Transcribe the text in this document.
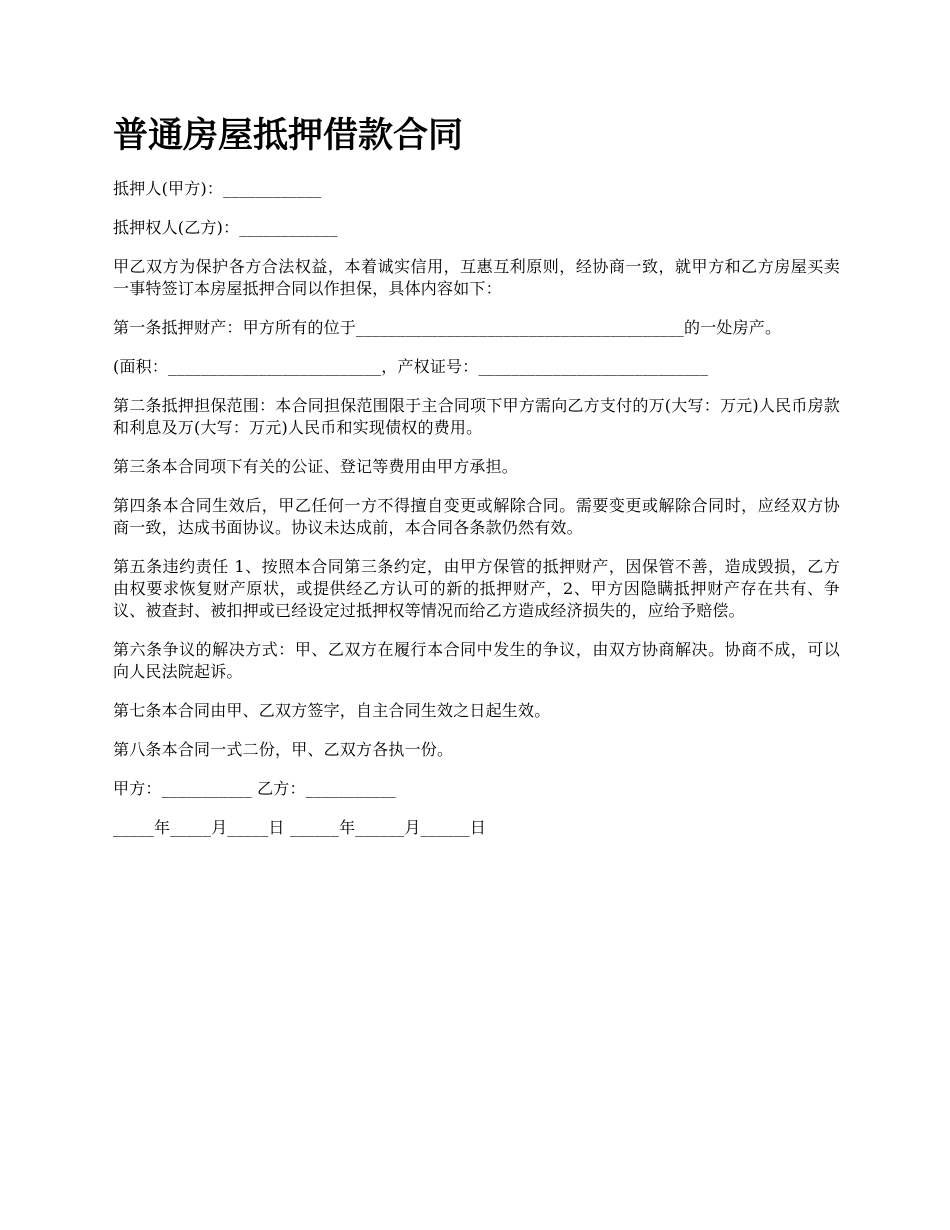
普通房屋抵押借款合同

抵押人(甲方)：____________

抵押权人(乙方)：____________

甲乙双方为保护各方合法权益，本着诚实信用，互惠互利原则，经协商一致，就甲方和乙方房屋买卖一事特签订本房屋抵押合同以作担保，具体内容如下：

第一条抵押财产：甲方所有的位于________________________________________的一处房产。

(面积：__________________________，产权证号：____________________________

第二条抵押担保范围：本合同担保范围限于主合同项下甲方需向乙方支付的万(大写：万元)人民币房款和利息及万(大写：万元)人民币和实现债权的费用。

第三条本合同项下有关的公证、登记等费用由甲方承担。

第四条本合同生效后，甲乙任何一方不得擅自变更或解除合同。需要变更或解除合同时，应经双方协商一致，达成书面协议。协议未达成前，本合同各条款仍然有效。

第五条违约责任 1、按照本合同第三条约定，由甲方保管的抵押财产，因保管不善，造成毁损，乙方由权要求恢复财产原状，或提供经乙方认可的新的抵押财产，2、甲方因隐瞒抵押财产存在共有、争议、被查封、被扣押或已经设定过抵押权等情况而给乙方造成经济损失的，应给予赔偿。

第六条争议的解决方式：甲、乙双方在履行本合同中发生的争议，由双方协商解决。协商不成，可以向人民法院起诉。

第七条本合同由甲、乙双方签字，自主合同生效之日起生效。

第八条本合同一式二份，甲、乙双方各执一份。

甲方：___________ 乙方：___________

_____年_____月_____日 ______年______月______日
